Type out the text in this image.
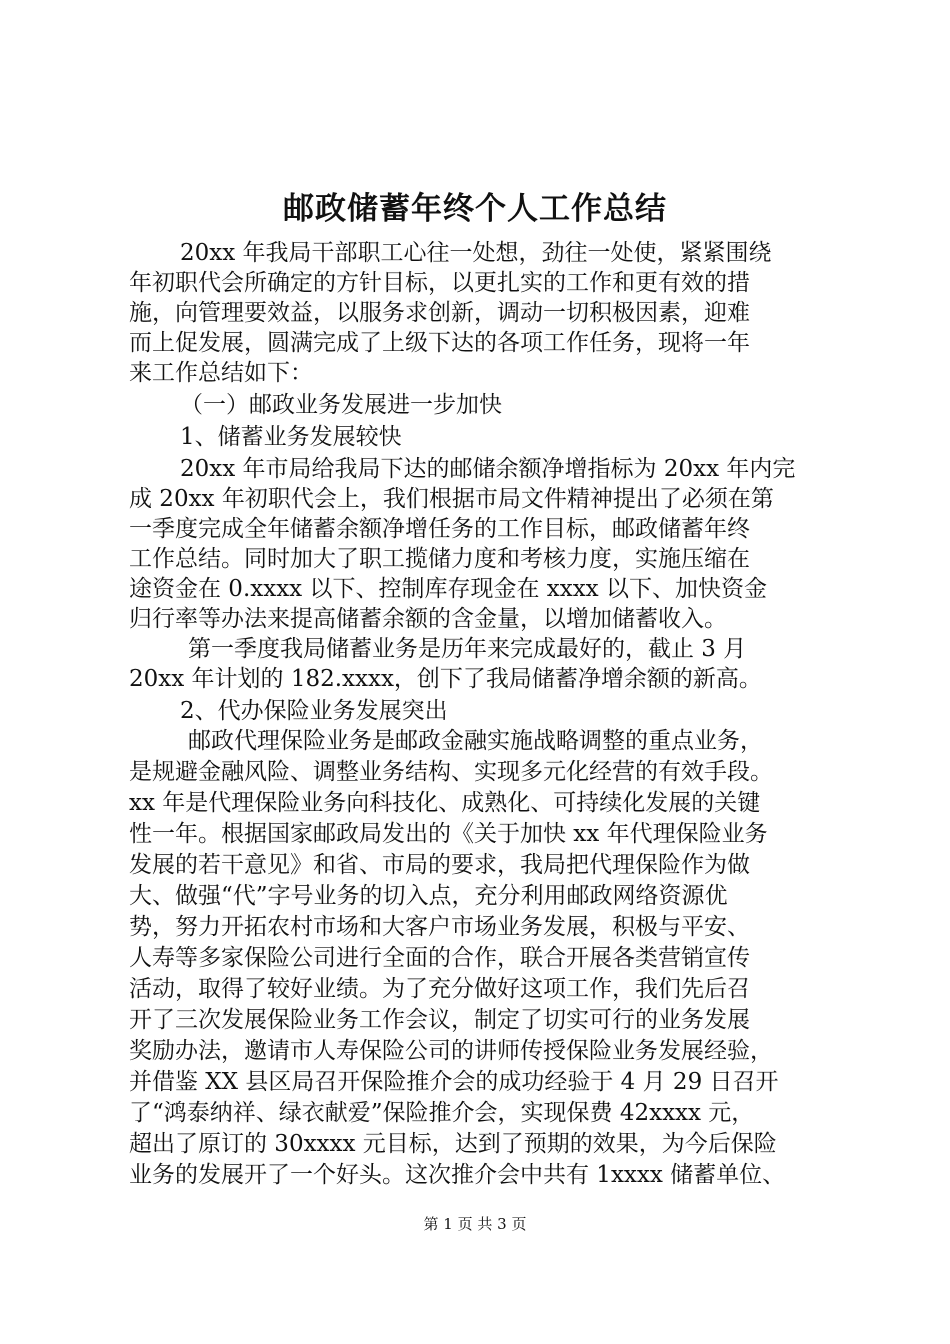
邮政储蓄年终个人工作总结
20xx 年我局干部职工心往一处想，劲往一处使，紧紧围绕
年初职代会所确定的方针目标，以更扎实的工作和更有效的措
施，向管理要效益，以服务求创新，调动一切积极因素，迎难
而上促发展，圆满完成了上级下达的各项工作任务，现将一年
来工作总结如下：
（一）邮政业务发展进一步加快
1、储蓄业务发展较快
20xx 年市局给我局下达的邮储余额净增指标为 20xx 年内完
成 20xx 年初职代会上，我们根据市局文件精神提出了必须在第
一季度完成全年储蓄余额净增任务的工作目标，邮政储蓄年终
工作总结。同时加大了职工揽储力度和考核力度，实施压缩在
途资金在 0.xxxx 以下、控制库存现金在 xxxx 以下、加快资金
归行率等办法来提高储蓄余额的含金量，以增加储蓄收入。
第一季度我局储蓄业务是历年来完成最好的，截止 3 月
20xx 年计划的 182.xxxx，创下了我局储蓄净增余额的新高。
2、代办保险业务发展突出
邮政代理保险业务是邮政金融实施战略调整的重点业务，
是规避金融风险、调整业务结构、实现多元化经营的有效手段。
xx 年是代理保险业务向科技化、成熟化、可持续化发展的关键
性一年。根据国家邮政局发出的《关于加快 xx 年代理保险业务
发展的若干意见》和省、市局的要求，我局把代理保险作为做
大、做强“代”字号业务的切入点，充分利用邮政网络资源优
势，努力开拓农村市场和大客户市场业务发展，积极与平安、
人寿等多家保险公司进行全面的合作，联合开展各类营销宣传
活动，取得了较好业绩。为了充分做好这项工作，我们先后召
开了三次发展保险业务工作会议，制定了切实可行的业务发展
奖励办法，邀请市人寿保险公司的讲师传授保险业务发展经验，
并借鉴 XX 县区局召开保险推介会的成功经验于 4 月 29 日召开
了“鸿泰纳祥、绿衣献爱”保险推介会，实现保费 42xxxx 元，
超出了原订的 30xxxx 元目标，达到了预期的效果，为今后保险
业务的发展开了一个好头。这次推介会中共有 1xxxx 储蓄单位、
第 1 页 共 3 页
